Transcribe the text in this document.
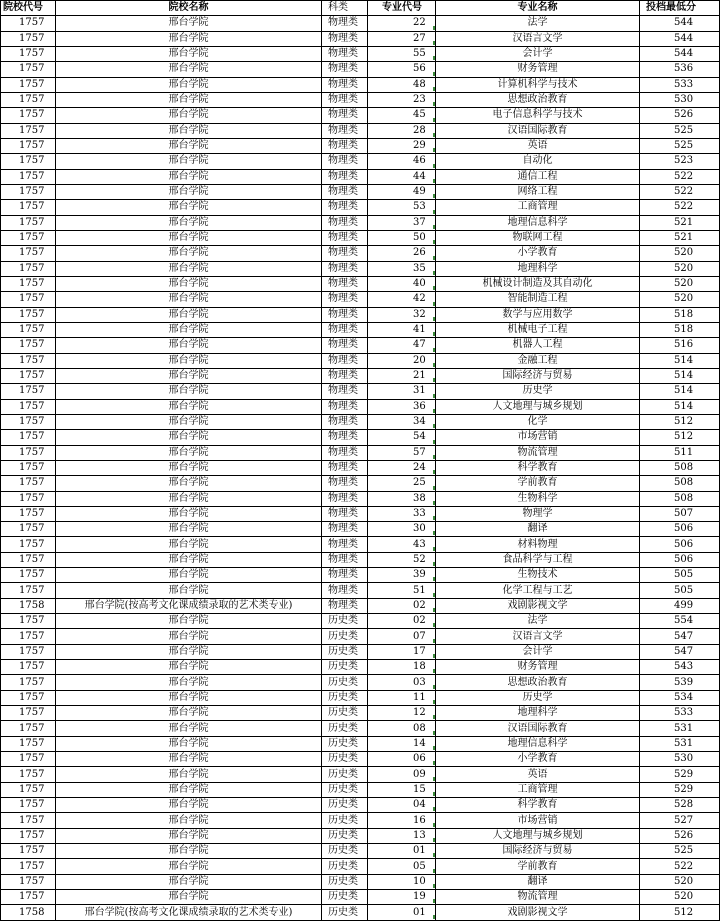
院校代号	院校名称	科类	专业代号	专业名称	投档最低分
1757	邢台学院	物理类	22	法学	544
1757	邢台学院	物理类	27	汉语言文学	544
1757	邢台学院	物理类	55	会计学	544
1757	邢台学院	物理类	56	财务管理	536
1757	邢台学院	物理类	48	计算机科学与技术	533
1757	邢台学院	物理类	23	思想政治教育	530
1757	邢台学院	物理类	45	电子信息科学与技术	526
1757	邢台学院	物理类	28	汉语国际教育	525
1757	邢台学院	物理类	29	英语	525
1757	邢台学院	物理类	46	自动化	523
1757	邢台学院	物理类	44	通信工程	522
1757	邢台学院	物理类	49	网络工程	522
1757	邢台学院	物理类	53	工商管理	522
1757	邢台学院	物理类	37	地理信息科学	521
1757	邢台学院	物理类	50	物联网工程	521
1757	邢台学院	物理类	26	小学教育	520
1757	邢台学院	物理类	35	地理科学	520
1757	邢台学院	物理类	40	机械设计制造及其自动化	520
1757	邢台学院	物理类	42	智能制造工程	520
1757	邢台学院	物理类	32	数学与应用数学	518
1757	邢台学院	物理类	41	机械电子工程	518
1757	邢台学院	物理类	47	机器人工程	516
1757	邢台学院	物理类	20	金融工程	514
1757	邢台学院	物理类	21	国际经济与贸易	514
1757	邢台学院	物理类	31	历史学	514
1757	邢台学院	物理类	36	人文地理与城乡规划	514
1757	邢台学院	物理类	34	化学	512
1757	邢台学院	物理类	54	市场营销	512
1757	邢台学院	物理类	57	物流管理	511
1757	邢台学院	物理类	24	科学教育	508
1757	邢台学院	物理类	25	学前教育	508
1757	邢台学院	物理类	38	生物科学	508
1757	邢台学院	物理类	33	物理学	507
1757	邢台学院	物理类	30	翻译	506
1757	邢台学院	物理类	43	材料物理	506
1757	邢台学院	物理类	52	食品科学与工程	506
1757	邢台学院	物理类	39	生物技术	505
1757	邢台学院	物理类	51	化学工程与工艺	505
1758	邢台学院(按高考文化课成绩录取的艺术类专业)	物理类	02	戏剧影视文学	499
1757	邢台学院	历史类	02	法学	554
1757	邢台学院	历史类	07	汉语言文学	547
1757	邢台学院	历史类	17	会计学	547
1757	邢台学院	历史类	18	财务管理	543
1757	邢台学院	历史类	03	思想政治教育	539
1757	邢台学院	历史类	11	历史学	534
1757	邢台学院	历史类	12	地理科学	533
1757	邢台学院	历史类	08	汉语国际教育	531
1757	邢台学院	历史类	14	地理信息科学	531
1757	邢台学院	历史类	06	小学教育	530
1757	邢台学院	历史类	09	英语	529
1757	邢台学院	历史类	15	工商管理	529
1757	邢台学院	历史类	04	科学教育	528
1757	邢台学院	历史类	16	市场营销	527
1757	邢台学院	历史类	13	人文地理与城乡规划	526
1757	邢台学院	历史类	01	国际经济与贸易	525
1757	邢台学院	历史类	05	学前教育	522
1757	邢台学院	历史类	10	翻译	520
1757	邢台学院	历史类	19	物流管理	520
1758	邢台学院(按高考文化课成绩录取的艺术类专业)	历史类	01	戏剧影视文学	512
